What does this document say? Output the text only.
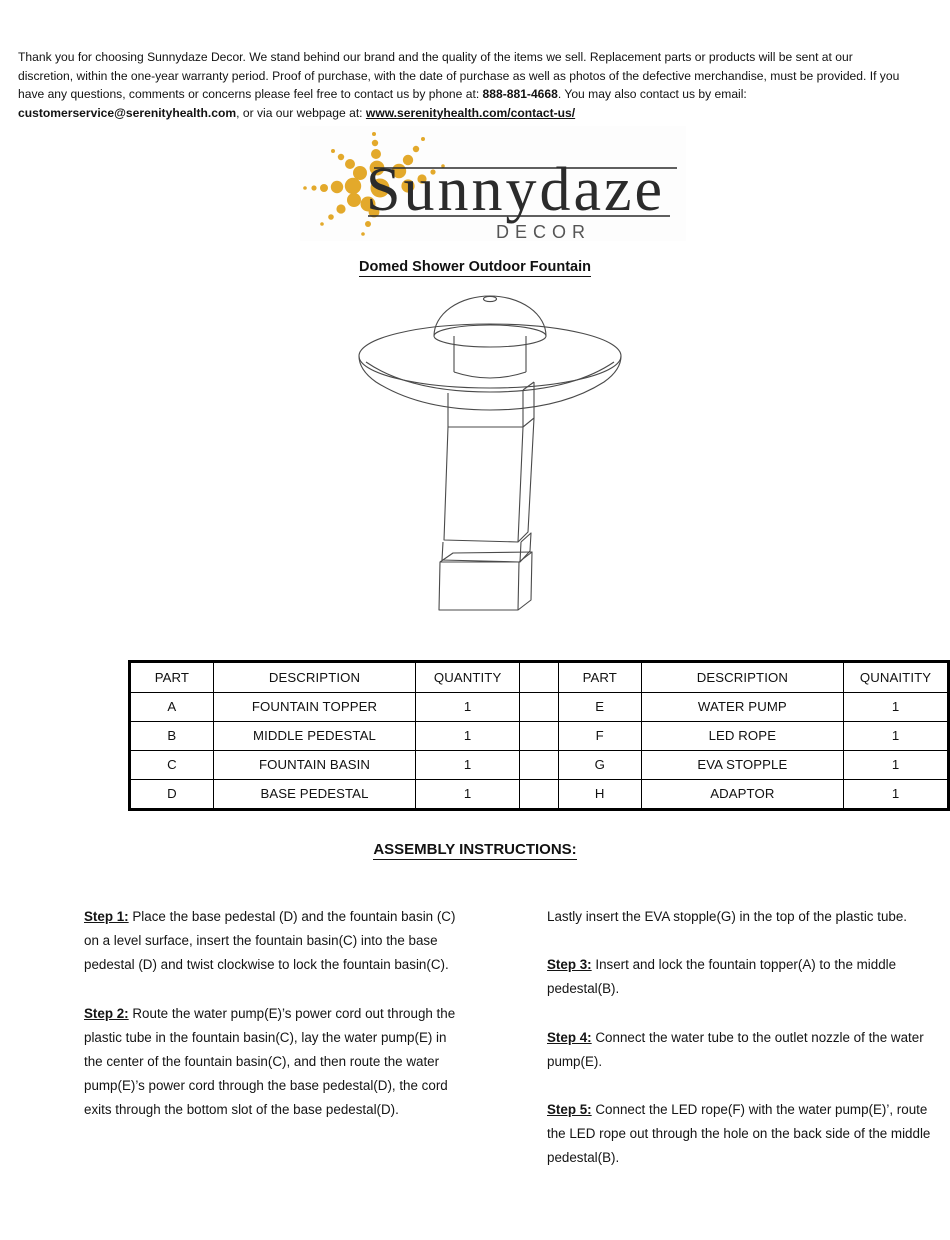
Thank you for choosing Sunnydaze Decor. We stand behind our brand and the quality of the items we sell. Replacement parts or products will be sent at our discretion, within the one-year warranty period. Proof of purchase, with the date of purchase as well as photos of the defective merchandise, must be provided. If you have any questions, comments or concerns please feel free to contact us by phone at: 888-881-4668. You may also contact us by email: customerservice@serenityhealth.com, or via our webpage at: www.serenityhealth.com/contact-us/
Sunnydaze
DECOR
Domed Shower Outdoor Fountain
PART	DESCRIPTION	QUANTITY		PART	DESCRIPTION	QUNAITITY
A	FOUNTAIN TOPPER	1		E	WATER PUMP	1
B	MIDDLE PEDESTAL	1		F	LED ROPE	1
C	FOUNTAIN BASIN	1		G	EVA STOPPLE	1
D	BASE PEDESTAL	1		H	ADAPTOR	1
ASSEMBLY INSTRUCTIONS:

Step 1: Place the base pedestal (D) and the fountain basin (C) on a level surface, insert the fountain basin(C) into the base pedestal (D) and twist clockwise to lock the fountain basin(C).

Step 2: Route the water pump(E)’s power cord out through the plastic tube in the fountain basin(C), lay the water pump(E) in the center of the fountain basin(C), and then route the water pump(E)’s power cord through the base pedestal(D), the cord exits through the bottom slot of the base pedestal(D).

Lastly insert the EVA stopple(G) in the top of the plastic tube.

Step 3: Insert and lock the fountain topper(A) to the middle pedestal(B).

Step 4: Connect the water tube to the outlet nozzle of the water pump(E).

Step 5: Connect the LED rope(F) with the water pump(E)’, route the LED rope out through the hole on the back side of the middle pedestal(B).
